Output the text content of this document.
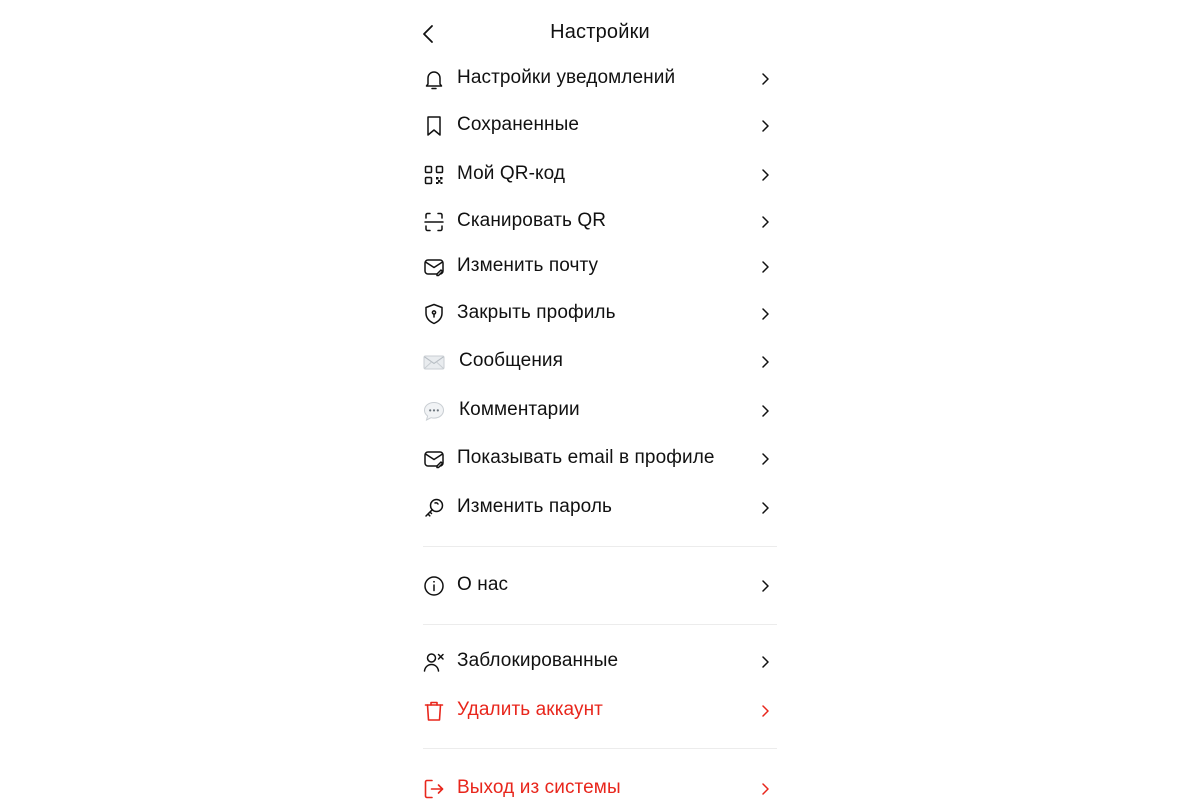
Настройки
Настройки уведомлений
Сохраненные
Мой QR-код
Сканировать QR
Изменить почту
Закрыть профиль
Сообщения
Комментарии
Показывать email в профиле
Изменить пароль
О нас
Заблокированные
Удалить аккаунт
Выход из системы
